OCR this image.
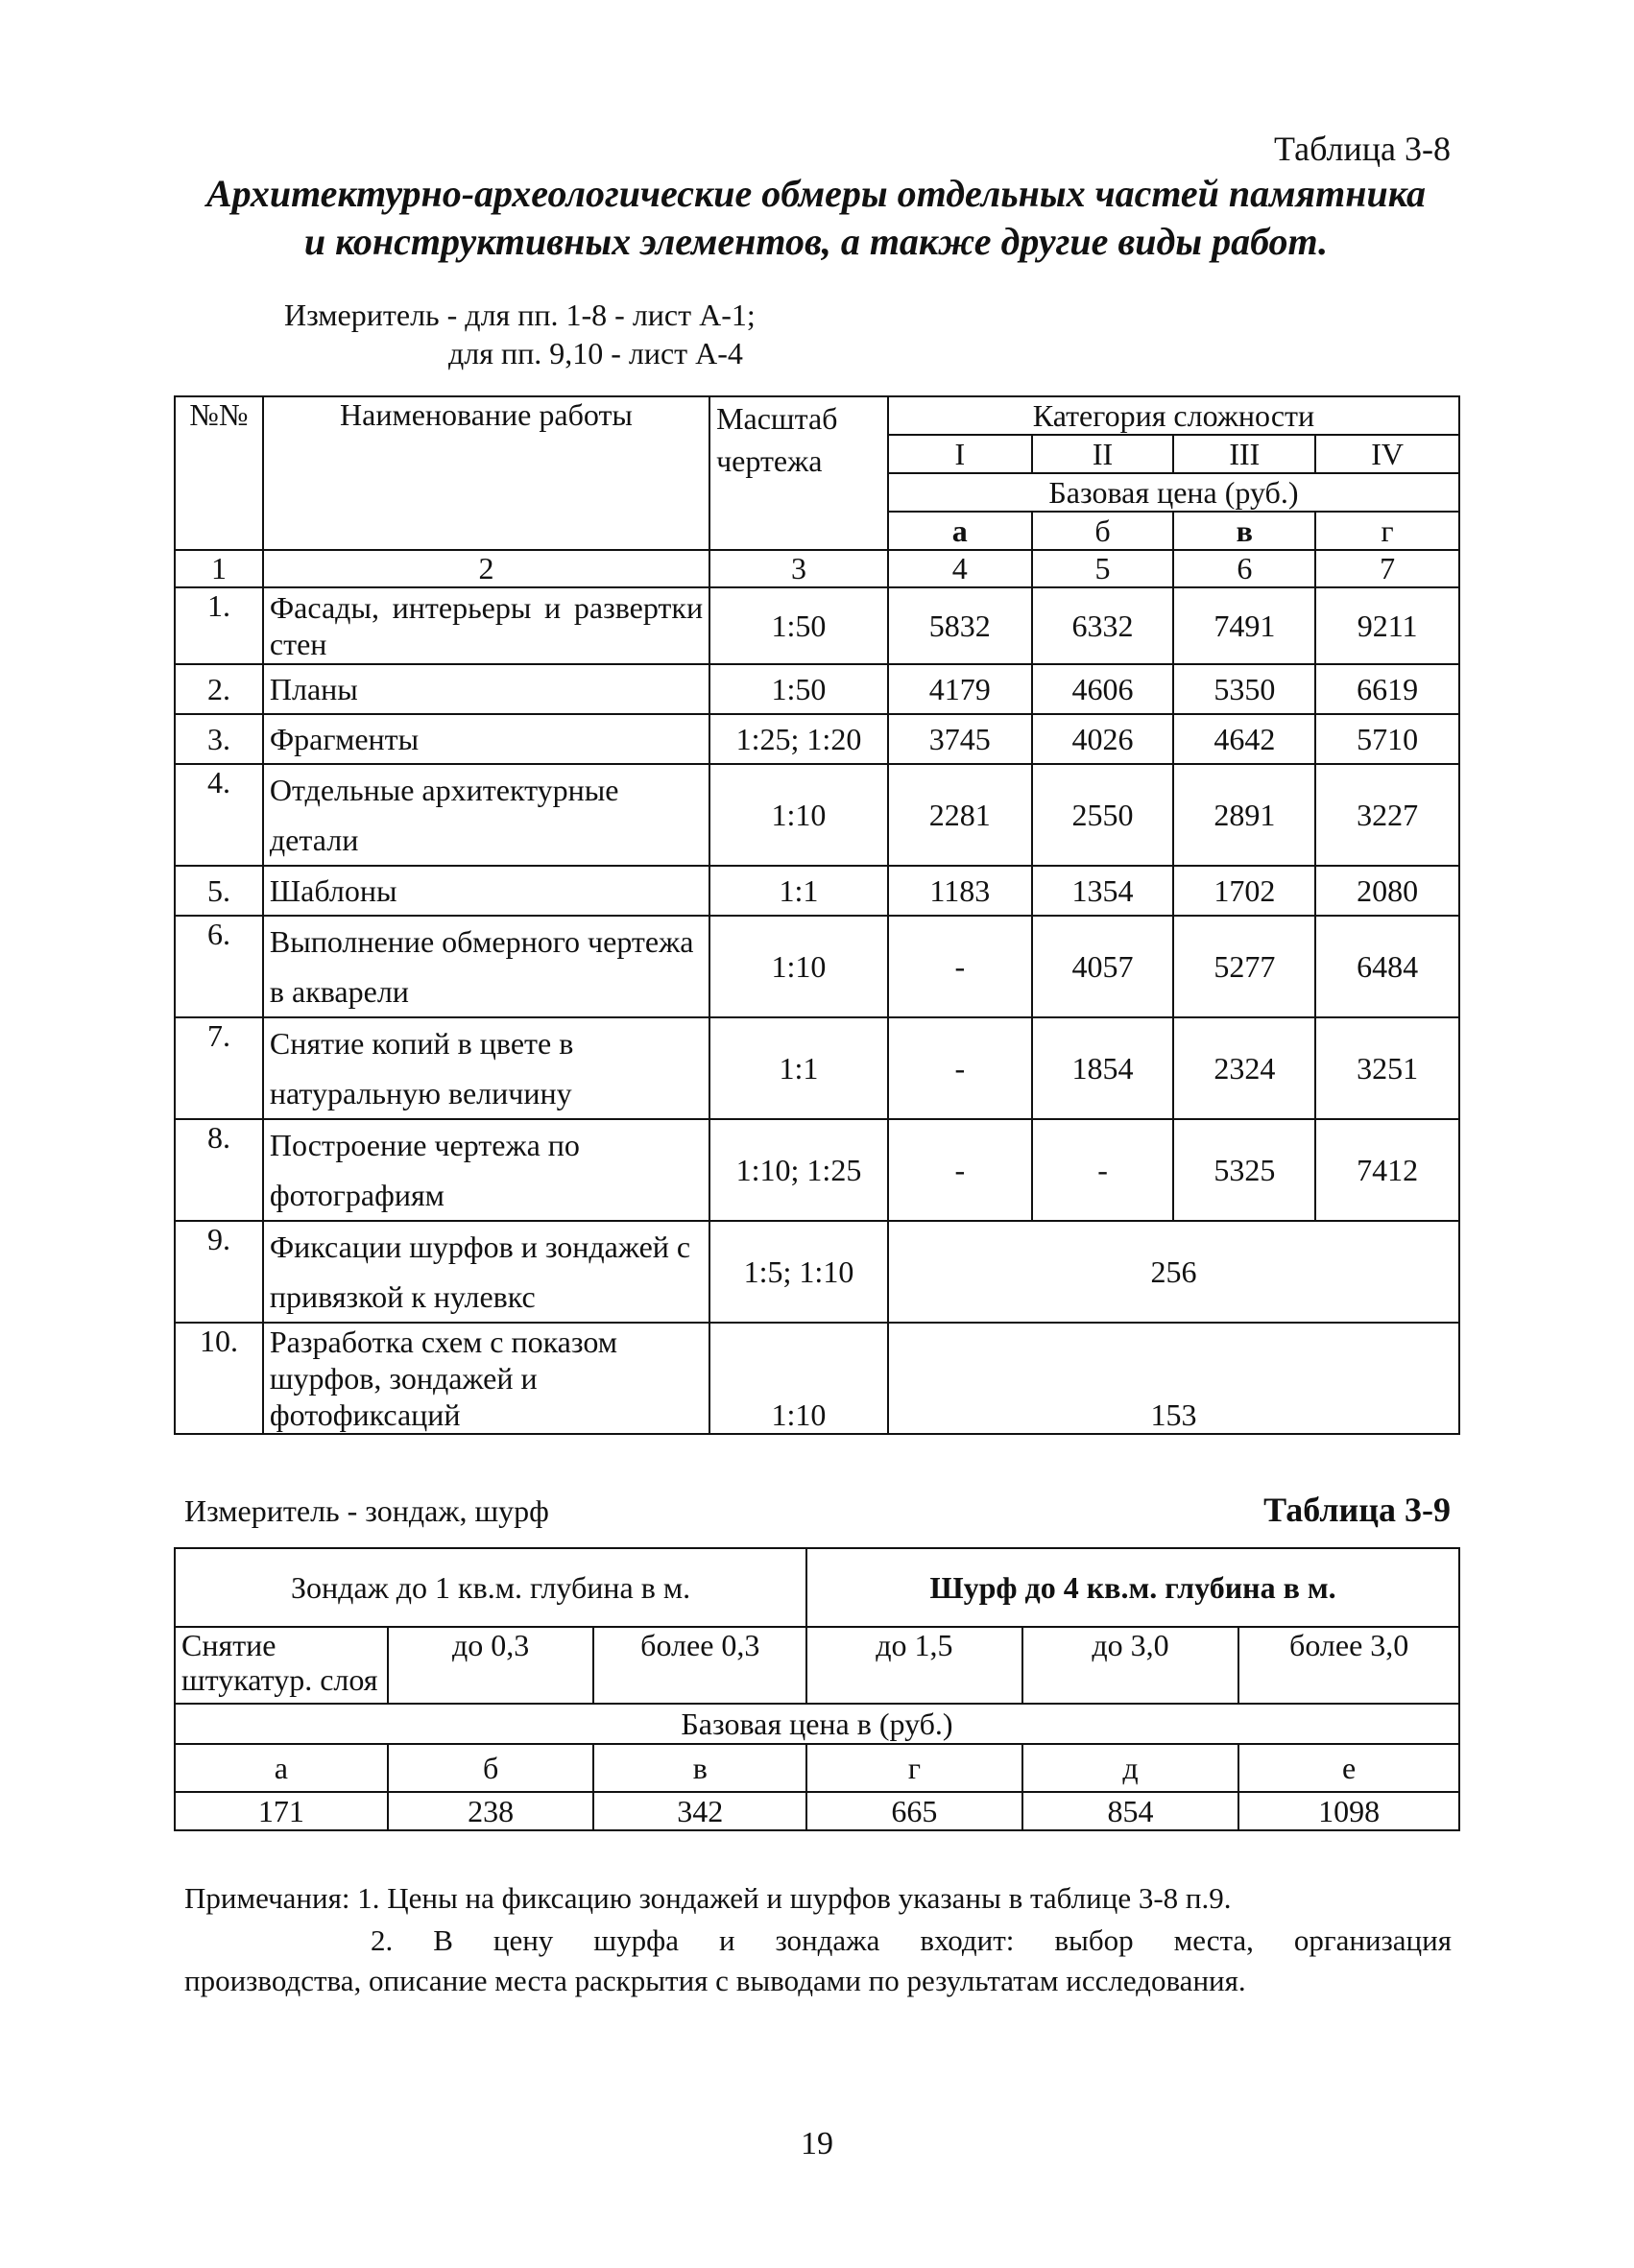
Таблица 3-8
Архитектурно-археологические обмеры отдельных частей памятника
и конструктивных элементов, а также другие виды работ.
Измеритель - для пп. 1-8 - лист А-1;
для пп. 9,10 - лист А-4
№№	Наименование работы	Масштаб чертежа	Категория сложности			
			I	II	III	IV
			Базовая цена (руб.)			
			а	б	в	г
1	2	3	4	5	6	7
1.	Фасады, интерьеры и развертки стен	1:50	5832	6332	7491	9211
2.	Планы	1:50	4179	4606	5350	6619
3.	Фрагменты	1:25; 1:20	3745	4026	4642	5710
4.	Отдельные архитектурные детали	1:10	2281	2550	2891	3227
5.	Шаблоны	1:1	1183	1354	1702	2080
6.	Выполнение обмерного чертежа в акварели	1:10	-	4057	5277	6484
7.	Снятие копий в цвете в натуральную величину	1:1	-	1854	2324	3251
8.	Построение чертежа по фотографиям	1:10; 1:25	-	-	5325	7412
9.	Фиксации шурфов и зондажей с привязкой к нулевкс	1:5; 1:10	256			
10.	Разработка схем с показом шурфов, зондажей и фотофиксаций	1:10	153			
Измеритель - зондаж, шурф	Таблица 3-9
Зондаж до 1 кв.м. глубина в м.			Шурф до 4 кв.м. глубина в м.		
Снятие штукатур. слоя	до 0,3	более 0,3	до 1,5	до 3,0	более 3,0
Базовая цена в (руб.)					
а	б	в	г	д	е
171	238	342	665	854	1098
Примечания: 1. Цены на фиксацию зондажей и шурфов указаны в таблице 3-8 п.9.
2. В цену шурфа и зондажа входит: выбор места, организация
производства, описание места раскрытия с выводами по результатам исследования.
19
